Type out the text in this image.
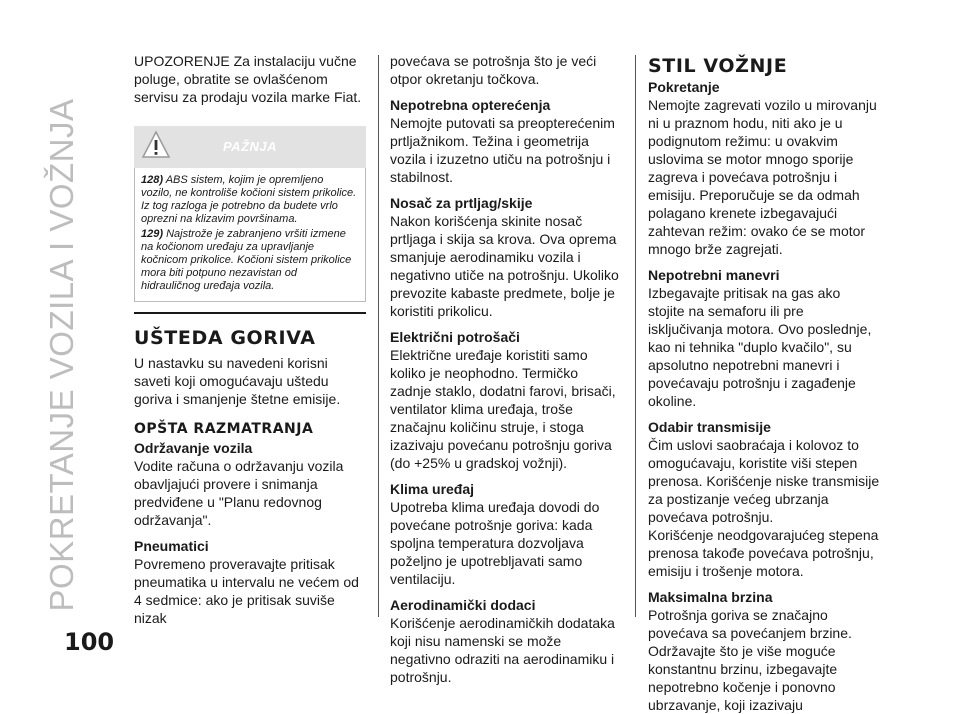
POKRETANJE VOZILA I VOŽNJA
100

UPOZORENJE Za instalaciju vučne poluge, obratite se ovlašćenom servisu za prodaju vozila marke Fiat.

PAŽNJA

128) ABS sistem, kojim je opremljeno vozilo, ne kontroliše kočioni sistem prikolice. Iz tog razloga je potrebno da budete vrlo oprezni na klizavim površinama.

129) Najstrože je zabranjeno vršiti izmene na kočionom uređaju za upravljanje kočnicom prikolice. Kočioni sistem prikolice mora biti potpuno nezavistan od hidrauličnog uređaja vozila.

UŠTEDA GORIVA

U nastavku su navedeni korisni saveti koji omogućavaju uštedu goriva i smanjenje štetne emisije.

OPŠTA RAZMATRANJA
Održavanje vozila

Vodite računa o održavanju vozila obavljajući provere i snimanja predviđene u "Planu redovnog održavanja".

Pneumatici

Povremeno proveravajte pritisak pneumatika u intervalu ne većem od 4 sedmice: ako je pritisak suviše nizak

povećava se potrošnja što je veći otpor okretanju točkova.

Nepotrebna opterećenja

Nemojte putovati sa preopterećenim prtljažnikom. Težina i geometrija vozila i izuzetno utiču na potrošnju i stabilnost.

Nosač za prtljag/skije

Nakon korišćenja skinite nosač prtljaga i skija sa krova. Ova oprema smanjuje aerodinamiku vozila i negativno utiče na potrošnju. Ukoliko prevozite kabaste predmete, bolje je koristiti prikolicu.

Električni potrošači

Električne uređaje koristiti samo koliko je neophodno. Termičko zadnje staklo, dodatni farovi, brisači, ventilator klima uređaja, troše značajnu količinu struje, i stoga izazivaju povećanu potrošnju goriva (do +25% u gradskoj vožnji).

Klima uređaj

Upotreba klima uređaja dovodi do povećane potrošnje goriva: kada spoljna temperatura dozvoljava poželjno je upotrebljavati samo ventilaciju.

Aerodinamički dodaci

Korišćenje aerodinamičkih dodataka koji nisu namenski se može negativno odraziti na aerodinamiku i potrošnju.

STIL VOŽNJE
Pokretanje

Nemojte zagrevati vozilo u mirovanju ni u praznom hodu, niti ako je u podignutom režimu: u ovakvim uslovima se motor mnogo sporije zagreva i povećava potrošnju i emisiju. Preporučuje se da odmah polagano krenete izbegavajući zahtevan režim: ovako će se motor mnogo brže zagrejati.

Nepotrebni manevri

Izbegavajte pritisak na gas ako stojite na semaforu ili pre isključivanja motora. Ovo poslednje, kao ni tehnika "duplo kvačilo", su apsolutno nepotrebni manevri i povećavaju potrošnju i zagađenje okoline.

Odabir transmisije

Čim uslovi saobraćaja i kolovoz to omogućavaju, koristite viši stepen prenosa. Korišćenje niske transmisije za postizanje većeg ubrzanja povećava potrošnju.

Korišćenje neodgovarajućeg stepena prenosa takođe povećava potrošnju, emisiju i trošenje motora.

Maksimalna brzina

Potrošnja goriva se značajno povećava sa povećanjem brzine. Održavajte što je više moguće konstantnu brzinu, izbegavajte nepotrebno kočenje i ponovno ubrzavanje, koji izazivaju
